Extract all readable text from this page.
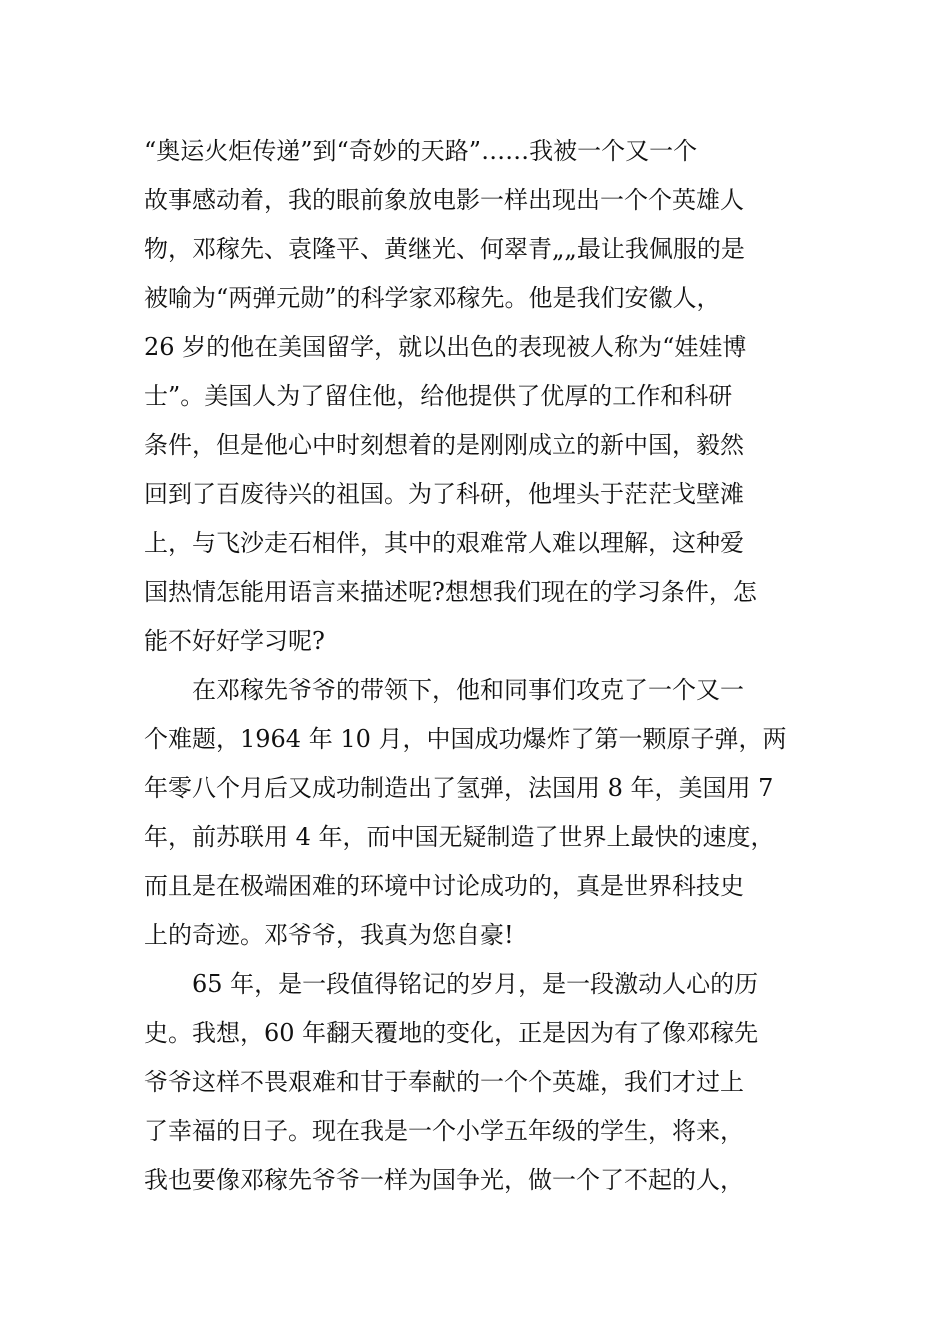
“奥运火炬传递”到“奇妙的天路”……我被一个又一个
故事感动着，我的眼前象放电影一样出现出一个个英雄人
物，邓稼先、袁隆平、黄继光、何翠青„„最让我佩服的是
被喻为“两弹元勋”的科学家邓稼先。他是我们安徽人，
26 岁的他在美国留学，就以出色的表现被人称为“娃娃博
士”。美国人为了留住他，给他提供了优厚的工作和科研
条件，但是他心中时刻想着的是刚刚成立的新中国，毅然
回到了百废待兴的祖国。为了科研，他埋头于茫茫戈壁滩
上，与飞沙走石相伴，其中的艰难常人难以理解，这种爱
国热情怎能用语言来描述呢?想想我们现在的学习条件，怎
能不好好学习呢?
在邓稼先爷爷的带领下，他和同事们攻克了一个又一
个难题，1964 年 10 月，中国成功爆炸了第一颗原子弹，两
年零八个月后又成功制造出了氢弹，法国用 8 年，美国用 7
年，前苏联用 4 年，而中国无疑制造了世界上最快的速度，
而且是在极端困难的环境中讨论成功的，真是世界科技史
上的奇迹。邓爷爷，我真为您自豪!
65 年，是一段值得铭记的岁月，是一段激动人心的历
史。我想，60 年翻天覆地的变化，正是因为有了像邓稼先
爷爷这样不畏艰难和甘于奉献的一个个英雄，我们才过上
了幸福的日子。现在我是一个小学五年级的学生，将来，
我也要像邓稼先爷爷一样为国争光，做一个了不起的人，
